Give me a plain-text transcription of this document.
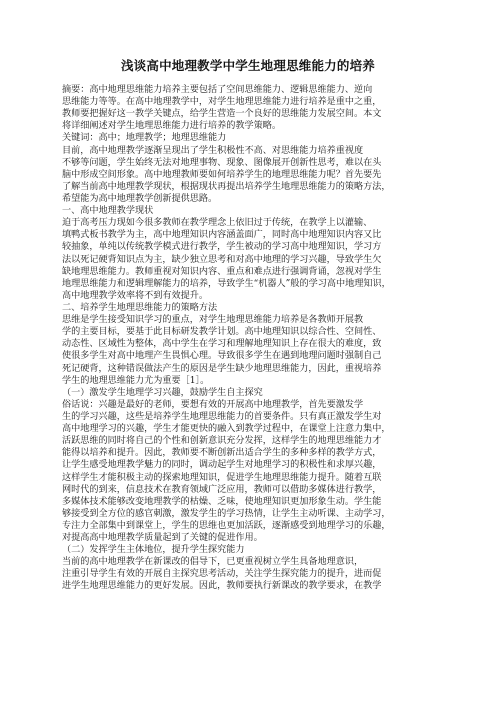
浅谈高中地理教学中学生地理思维能力的培养
摘要：高中地理思维能力培养主要包括了空间思维能力、逻辑思维能力、逆向
思维能力等等。在高中地理教学中，对学生地理思维能力进行培养是重中之重，
教师要把握好这一教学关键点，给学生营造一个良好的思维能力发展空间。本文
将详细阐述对学生地理思维能力进行培养的教学策略。
关键词：高中；地理教学；地理思维能力
目前，高中地理教学逐渐呈现出了学生积极性不高、对思维能力培养重视度
不够等问题，学生始终无法对地理事物、现象、图像展开创新性思考，难以在头
脑中形成空间形象。高中地理教师要如何培养学生的地理思维能力呢？首先要先
了解当前高中地理教学现状，根据现状再提出培养学生地理思维能力的策略方法，
希望能为高中地理教学创新提供思路。
一、高中地理教学现状
迫于高考压力现如今很多教师在教学理念上依旧过于传统，在教学上以灌输、
填鸭式板书教学为主，高中地理知识内容涵盖面广，同时高中地理知识内容又比
较抽象，单纯以传统教学模式进行教学，学生被动的学习高中地理知识，学习方
法以死记硬背知识点为主，缺少独立思考和对高中地理的学习兴趣，导致学生欠
缺地理思维能力。教师重视对知识内容、重点和难点进行强调背诵，忽视对学生
地理思维能力和逻辑理解能力的培养，导致学生“机器人”般的学习高中地理知识，
高中地理教学效率将不到有效提升。
二、培养学生地理思维能力的策略方法
思维是学生接受知识学习的重点，对学生地理思维能力培养是各教师开展教
学的主要目标，要基于此目标研发教学计划。高中地理知识以综合性、空间性、
动态性、区域性为整体，高中学生在学习和理解地理知识上存在很大的难度，致
使很多学生对高中地理产生畏惧心理。导致很多学生在遇到地理问题时强制自己
死记硬背，这种错误做法产生的原因是学生缺少地理思维能力，因此，重视培养
学生的地理思维能力尤为重要［1］。
（一）激发学生地理学习兴趣，鼓励学生自主探究
俗话说：兴趣是最好的老师，要想有效的开展高中地理教学，首先要激发学
生的学习兴趣，这些是培养学生地理思维能力的首要条件。只有真正激发学生对
高中地理学习的兴趣，学生才能更快的融入到教学过程中，在课堂上注意力集中，
活跃思维的同时将自己的个性和创新意识充分发挥，这样学生的地理思维能力才
能得以培养和提升。因此，教师要不断创新出适合学生的多种多样的教学方式，
让学生感受地理教学魅力的同时，调动起学生对地理学习的积极性和求厚兴趣，
这样学生才能积极主动的探索地理知识，促进学生地理思维能力提升。随着互联
网时代的到来，信息技术在教育领域广泛应用，教师可以借助多媒体进行教学，
多媒体技术能够改变地理教学的枯燥、乏味，使地理知识更加形象生动。学生能
够接受到全方位的感官刺激，激发学生的学习热情，让学生主动听课、主动学习，
专注力全部集中到课堂上，学生的思维也更加活跃，逐渐感受到地理学习的乐趣，
对提高高中地理教学质量起到了关键的促进作用。
（二）发挥学生主体地位，提升学生探究能力
当前的高中地理教学在新课改的倡导下，已更重视树立学生具备地理意识，
注重引导学生有效的开展自主探究思考活动，关注学生探究能力的提升，进而促
进学生地理思维能力的更好发展。因此，教师要执行新课改的教学要求，在教学
